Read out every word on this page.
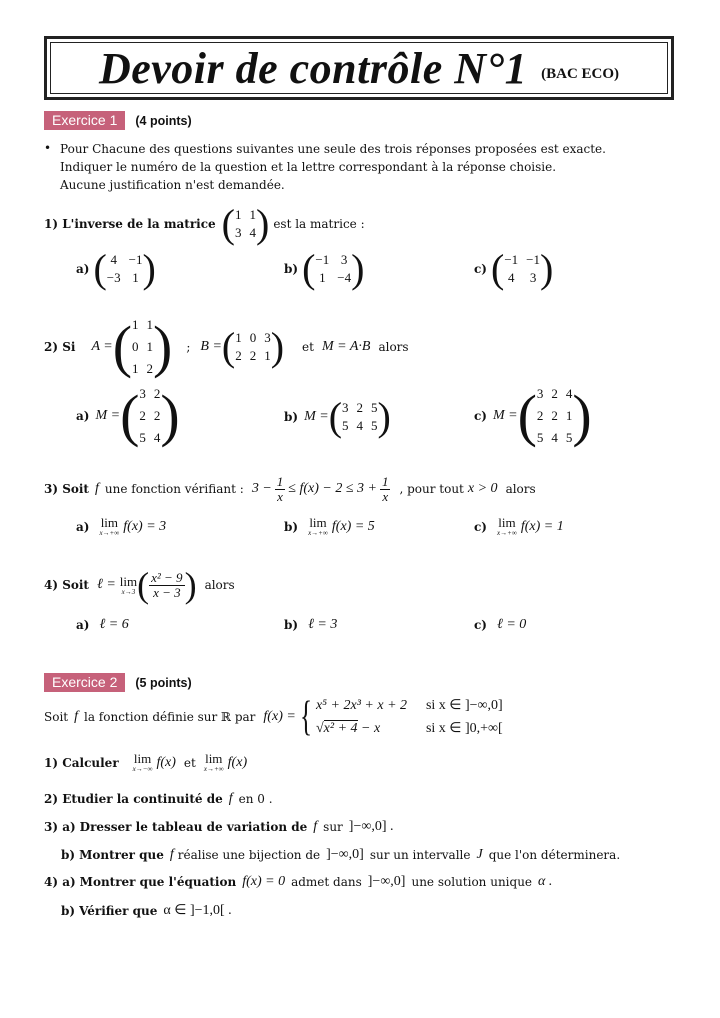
Devoir de contrôle N°1 (BAC ECO)
Exercice 1	(4 points)
• Pour Chacune des questions suivantes une seule des trois réponses proposées est exacte.
Indiquer le numéro de la question et la lettre correspondant à la réponse choisie.
Aucune justification n'est demandée.
1) L'inverse de la matrice ( 1 1
3 4 ) est la matrice :
a) ( 4 −1
−3 1 )	b) ( −1 3
1 −4 )	c) ( −1 −1
4 3 )
2) Si A = ( 1 1
0 1
1 2 ) ; B = ( 1 0 3
2 2 1 ) et M = A·B alors
a) M = ( 3 2
2 2
5 4 )	b) M = ( 3 2 5
5 4 5 )	c) M = ( 3 2 4
2 2 1
5 4 5 )
3) Soit f une fonction vérifiant : $3 - \frac{1}{x} \le f(x) - 2 \le 3 + \frac{1}{x}$ , pour tout x > 0 alors
a) lim
x→+∞ f(x) = 3	b) lim
x→+∞ f(x) = 5	c) lim
x→+∞ f(x) = 1
4) Soit ℓ = lim
x→3 ( $\frac{\text{x² − 9}}{x - 3}$ ) alors
a) ℓ = 6	b) ℓ = 3	c) ℓ = 0
Exercice 2	(5 points)
Soit f la fonction définie sur ℝ par f(x) = { x⁵ + 2x³ + x + 2	si x ∈ ]−∞,0]
√x² + 4 − x	si x ∈ ]0,+∞[
1) Calculer lim
x→−∞ f(x) et lim
x→+∞ f(x)
2) Etudier la continuité de f en 0 .
3) a) Dresser le tableau de variation de f sur ]−∞,0] .
b) Montrer que f réalise une bijection de ]−∞,0] sur un intervalle J que l'on déterminera.
4) a) Montrer que l'équation f(x) = 0 admet dans ]−∞,0] une solution unique α .
b) Vérifier que α ∈ ]−1,0[ .
